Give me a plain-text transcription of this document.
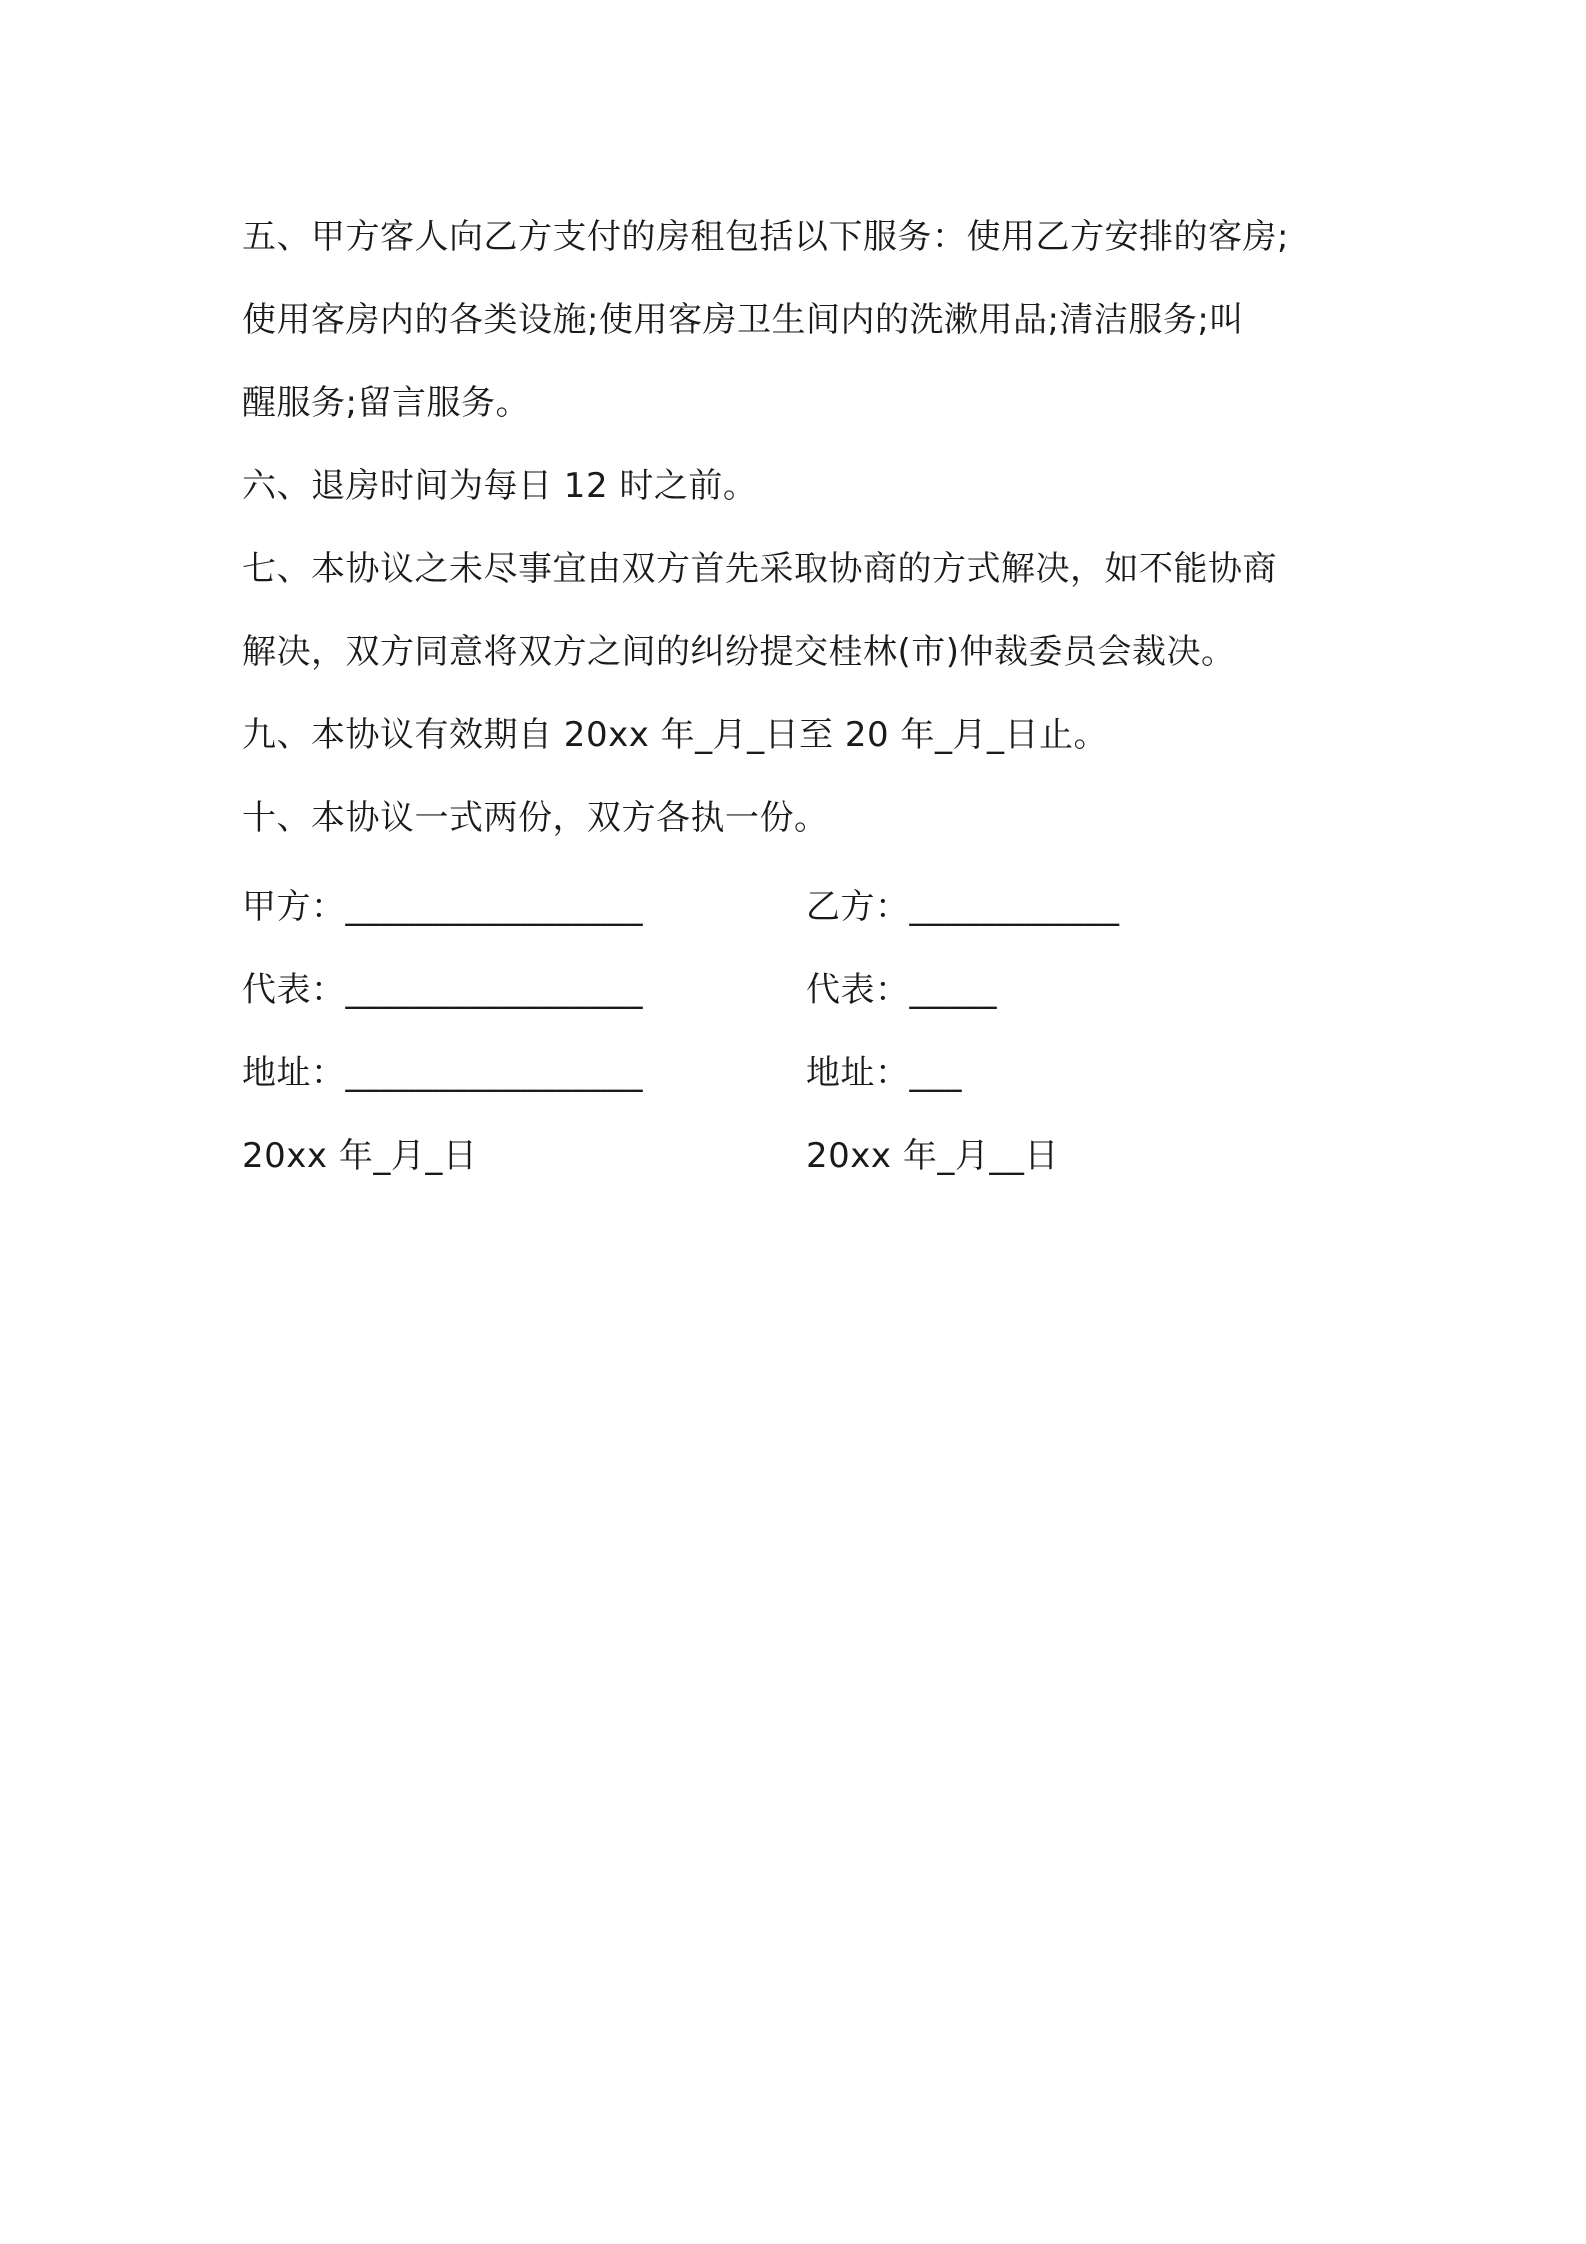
五、甲方客人向乙方支付的房租包括以下服务：使用乙方安排的客房;
使用客房内的各类设施;使用客房卫生间内的洗漱用品;清洁服务;叫
醒服务;留言服务。

六、退房时间为每日 12 时之前。

七、本协议之未尽事宜由双方首先采取协商的方式解决，如不能协商
解决，双方同意将双方之间的纠纷提交桂林(市)仲裁委员会裁决。

九、本协议有效期自 20xx 年_月_日至 20 年_月_日止。

十、本协议一式两份，双方各执一份。

甲方：_________________	乙方：____________
代表：_________________	代表：_____
地址：_________________	地址：___
20xx 年_月_日	20xx 年_月__日
